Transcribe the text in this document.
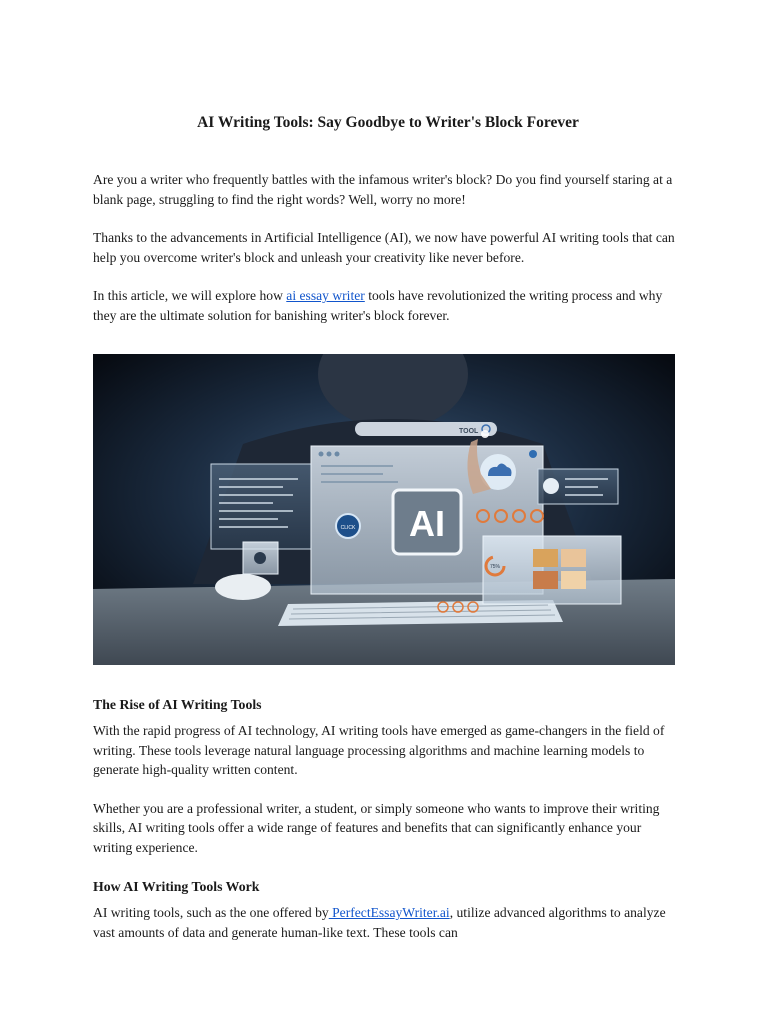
AI Writing Tools: Say Goodbye to Writer's Block Forever

Are you a writer who frequently battles with the infamous writer's block? Do you find yourself staring at a blank page, struggling to find the right words? Well, worry no more!

Thanks to the advancements in Artificial Intelligence (AI), we now have powerful AI writing tools that can help you overcome writer's block and unleash your creativity like never before.

In this article, we will explore how ai essay writer tools have revolutionized the writing process and why they are the ultimate solution for banishing writer's block forever.

TOOL
AI
CLICK
75%
The Rise of AI Writing Tools

With the rapid progress of AI technology, AI writing tools have emerged as game-changers in the field of writing. These tools leverage natural language processing algorithms and machine learning models to generate high-quality written content.

Whether you are a professional writer, a student, or simply someone who wants to improve their writing skills, AI writing tools offer a wide range of features and benefits that can significantly enhance your writing experience.

How AI Writing Tools Work

AI writing tools, such as the one offered by PerfectEssayWriter.ai, utilize advanced algorithms to analyze vast amounts of data and generate human-like text. These tools can
